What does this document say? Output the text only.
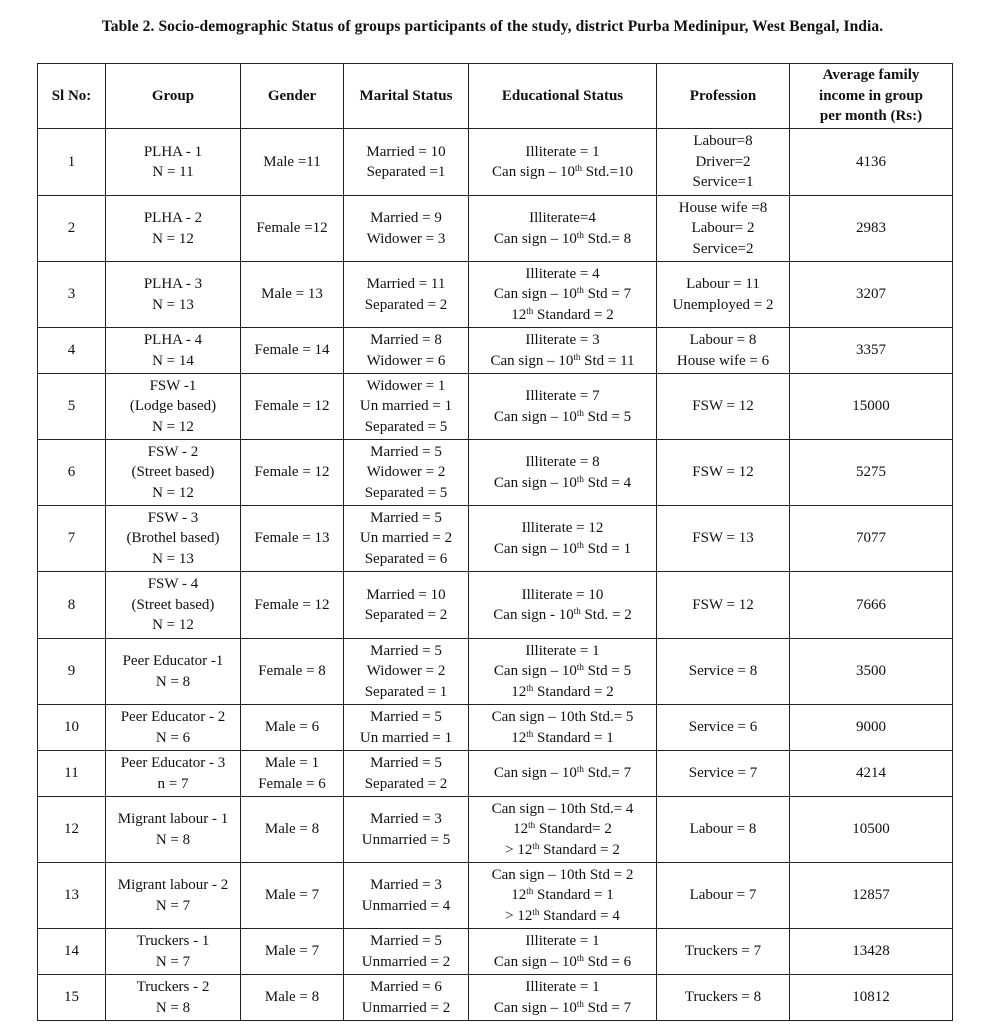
Table 2. Socio-demographic Status of groups participants of the study, district Purba Medinipur, West Bengal, India.
Sl No:	Group	Gender	Marital Status	Educational Status	Profession	Average family
income in group
per month (Rs:)

1	PLHA - 1
N = 11	Male =11	Married = 10
Separated =1	Illiterate = 1
Can sign – 10th Std.=10	Labour=8
Driver=2
Service=1	4136

2	PLHA - 2
N = 12	Female =12	Married = 9
Widower = 3	Illiterate=4
Can sign – 10th Std.= 8	House wife =8
Labour= 2
Service=2	2983

3	PLHA - 3
N = 13	Male = 13	Married = 11
Separated = 2	Illiterate = 4
Can sign – 10th Std = 7
12th Standard = 2	Labour = 11
Unemployed = 2	3207

4	PLHA - 4
N = 14	Female = 14	Married = 8
Widower = 6	Illiterate = 3
Can sign – 10th Std = 11	Labour = 8
House wife = 6	3357

5	FSW -1
(Lodge based)
N = 12	Female = 12	Widower = 1
Un married = 1
Separated = 5	Illiterate = 7
Can sign – 10th Std = 5	FSW = 12	15000

6	FSW - 2
(Street based)
N = 12	Female = 12	Married = 5
Widower = 2
Separated = 5	Illiterate = 8
Can sign – 10th Std = 4	FSW = 12	5275

7	FSW - 3
(Brothel based)
N = 13	Female = 13	Married = 5
Un married = 2
Separated = 6	Illiterate = 12
Can sign – 10th Std = 1	FSW = 13	7077

8	FSW - 4
(Street based)
N = 12	Female = 12	Married = 10
Separated = 2	Illiterate = 10
Can sign - 10th Std. = 2	FSW = 12	7666

9	Peer Educator -1
N = 8	Female = 8	Married = 5
Widower = 2
Separated = 1	Illiterate = 1
Can sign – 10th Std = 5
12th Standard = 2	Service = 8	3500

10	Peer Educator - 2
N = 6	Male = 6	Married = 5
Un married = 1	Can sign – 10th Std.= 5
12th Standard = 1	Service = 6	9000

11	Peer Educator - 3
n = 7	Male = 1
Female = 6	Married = 5
Separated = 2	Can sign – 10th Std.= 7	Service = 7	4214

12	Migrant labour - 1
N = 8	Male = 8	Married = 3
Unmarried = 5	Can sign – 10th Std.= 4
12th Standard= 2
> 12th Standard = 2	Labour = 8	10500

13	Migrant labour - 2
N = 7	Male = 7	Married = 3
Unmarried = 4	Can sign – 10th Std = 2
12th Standard = 1
> 12th Standard = 4	Labour = 7	12857

14	Truckers - 1
N = 7	Male = 7	Married = 5
Unmarried = 2	Illiterate = 1
Can sign – 10th Std = 6	Truckers = 7	13428

15	Truckers - 2
N = 8	Male = 8	Married = 6
Unmarried = 2	Illiterate = 1
Can sign – 10th Std = 7	Truckers = 8	10812
